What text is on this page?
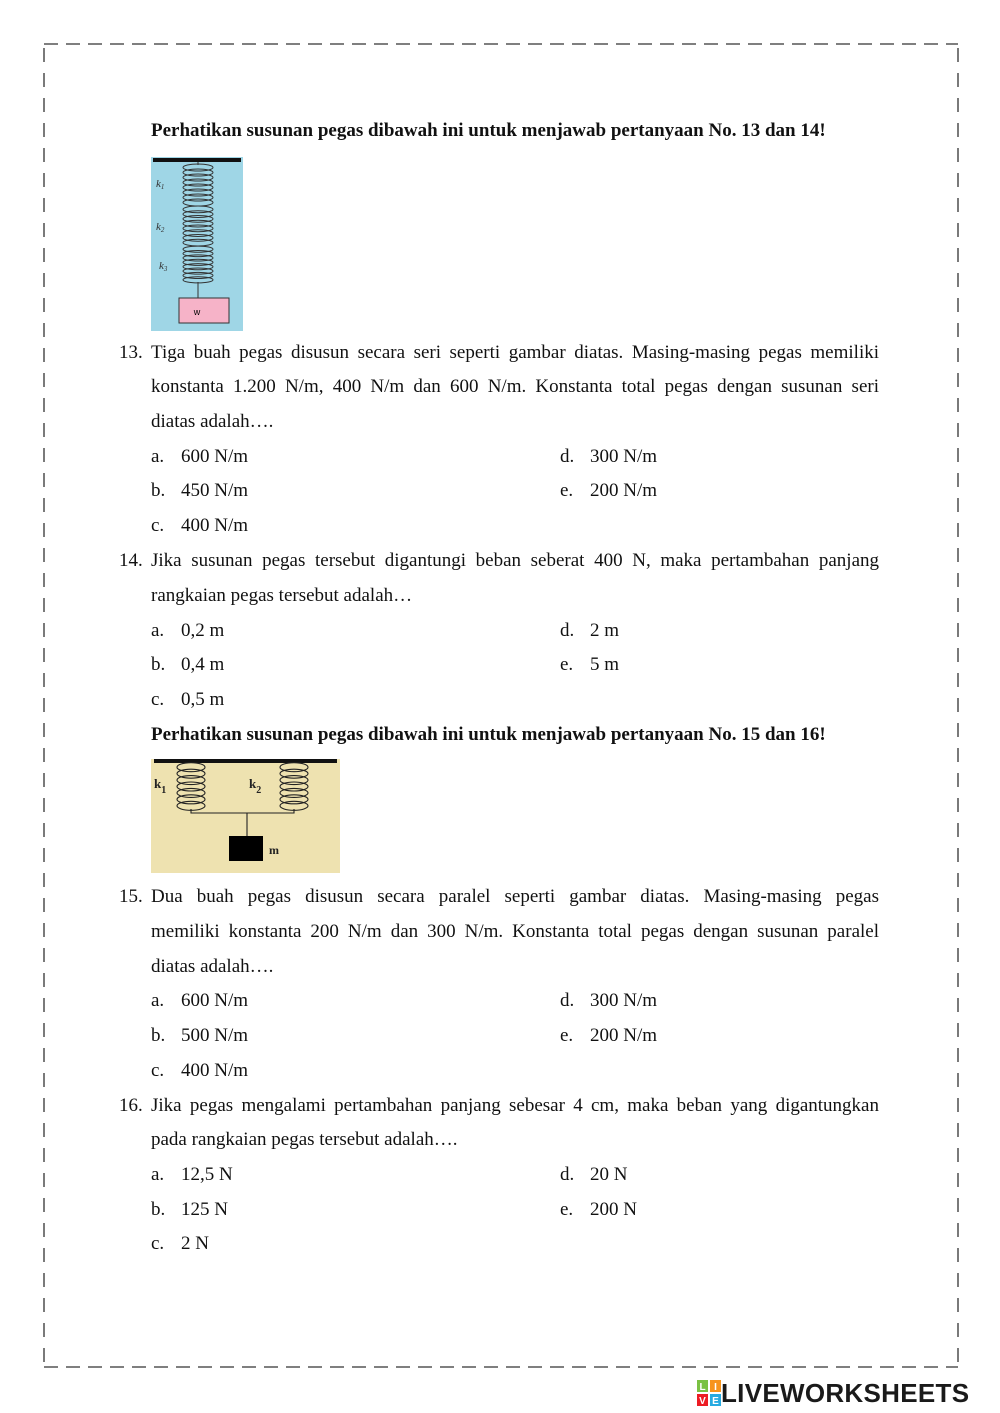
Perhatikan susunan pegas dibawah ini untuk menjawab pertanyaan No. 13 dan 14!
w
k1
k2
k3
13. Tiga buah pegas disusun secara seri seperti gambar diatas. Masing-masing pegas memiliki
konstanta 1.200 N/m, 400 N/m dan 600 N/m. Konstanta total pegas dengan susunan seri
diatas adalah….
a. 600 N/m
b. 450 N/m
c. 400 N/m
d. 300 N/m
e. 200 N/m
14. Jika susunan pegas tersebut digantungi beban seberat 400 N, maka pertambahan panjang
rangkaian pegas tersebut adalah…
a. 0,2 m
b. 0,4 m
c. 0,5 m
d. 2 m
e. 5 m
Perhatikan susunan pegas dibawah ini untuk menjawab pertanyaan No. 15 dan 16!
m
$k_1$	$k_2$
15. Dua buah pegas disusun secara paralel seperti gambar diatas. Masing-masing pegas
memiliki konstanta 200 N/m dan 300 N/m. Konstanta total pegas dengan susunan paralel
diatas adalah….
a. 600 N/m
b. 500 N/m
c. 400 N/m
d. 300 N/m
e. 200 N/m
16. Jika pegas mengalami pertambahan panjang sebesar 4 cm, maka beban yang digantungkan
pada rangkaian pegas tersebut adalah….
a. 12,5 N
b. 125 N
c. 2 N
d. 20 N
e. 200 N
L I
V E LIVEWORKSHEETS
